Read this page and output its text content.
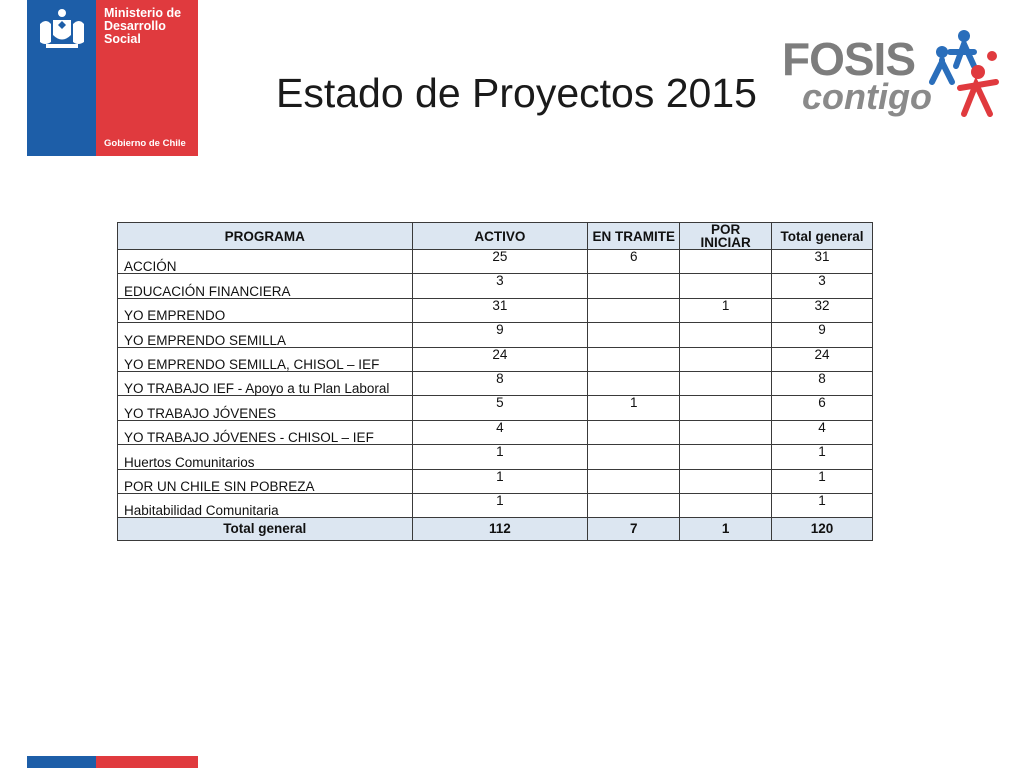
Ministerio de
Desarrollo
Social
Gobierno de Chile
Estado de Proyectos 2015
FOSIS
contigo
PROGRAMA	ACTIVO	EN TRAMITE	POR INICIAR	Total general
ACCIÓN	25	6		31
EDUCACIÓN FINANCIERA	3			3
YO EMPRENDO	31		1	32
YO EMPRENDO SEMILLA	9			9
YO EMPRENDO SEMILLA, CHISOL – IEF	24			24
YO TRABAJO IEF - Apoyo a tu Plan Laboral	8			8
YO TRABAJO JÓVENES	5	1		6
YO TRABAJO JÓVENES - CHISOL – IEF	4			4
Huertos Comunitarios	1			1
POR UN CHILE SIN POBREZA	1			1
Habitabilidad Comunitaria	1			1
Total general	112	7	1	120
